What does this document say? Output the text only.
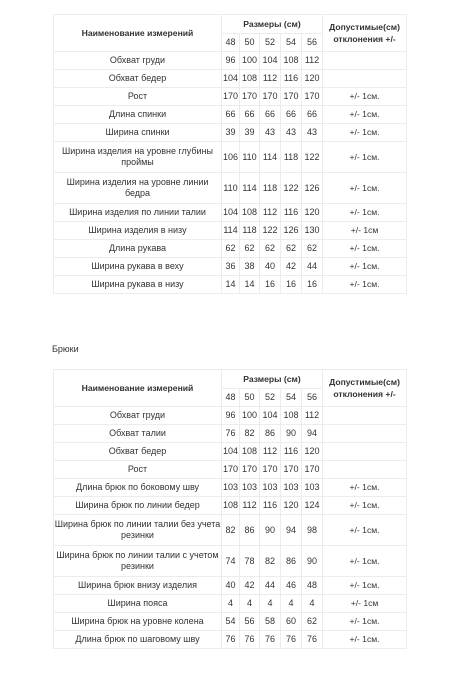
Наименование измерений	Размеры (см)					Допустимые(см) отклонения +/-
	48	50	52	54	56	
Обхват груди	96	100	104	108	112	
Обхват бедер	104	108	112	116	120	
Рост	170	170	170	170	170	+/- 1см.
Длина спинки	66	66	66	66	66	+/- 1см.
Ширина спинки	39	39	43	43	43	+/- 1см.
Ширина изделия на уровне глубины проймы	106	110	114	118	122	+/- 1см.
Ширина изделия на уровне линии бедра	110	114	118	122	126	+/- 1см.
Ширина изделия по линии талии	104	108	112	116	120	+/- 1см.
Ширина изделия в низу	114	118	122	126	130	+/- 1см
Длина рукава	62	62	62	62	62	+/- 1см.
Ширина рукава в веху	36	38	40	42	44	+/- 1см.
Ширина рукава в низу	14	14	16	16	16	+/- 1см.
Брюки
Наименование измерений	Размеры (см)					Допустимые(см) отклонения +/-
	48	50	52	54	56	
Обхват груди	96	100	104	108	112	
Обхват талии	76	82	86	90	94	
Обхват бедер	104	108	112	116	120	
Рост	170	170	170	170	170	
Длина брюк по боковому шву	103	103	103	103	103	+/- 1см.
Ширина брюк по линии бедер	108	112	116	120	124	+/- 1см.
Ширина брюк по линии талии без учета резинки	82	86	90	94	98	+/- 1см.
Ширина брюк по линии талии с учетом резинки	74	78	82	86	90	+/- 1см.
Ширина брюк внизу изделия	40	42	44	46	48	+/- 1см.
Ширина пояса	4	4	4	4	4	+/- 1см
Ширина брюк на уровне колена	54	56	58	60	62	+/- 1см.
Длина брюк по шаговому шву	76	76	76	76	76	+/- 1см.
